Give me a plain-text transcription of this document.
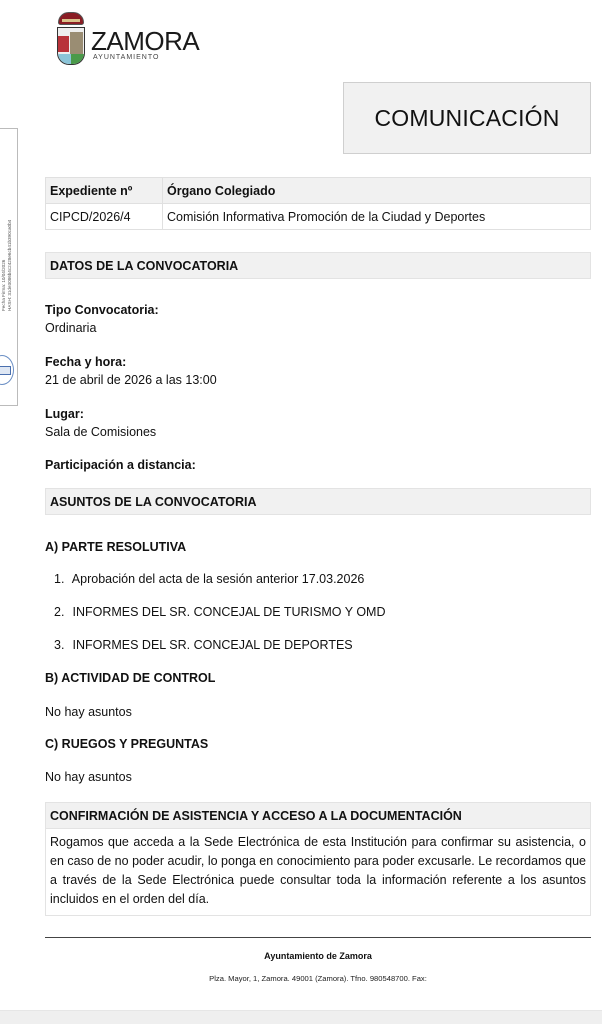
ZAMORA
AYUNTAMIENTO
Fecha Firma: 10/04/2026 HASH: 31de3086b4c2428e6cb41b390ca0b4
COMUNICACIÓN
Expediente nº	Órgano Colegiado
CIPCD/2026/4	Comisión Informativa Promoción de la Ciudad y Deportes
DATOS DE LA CONVOCATORIA
Tipo Convocatoria:
Ordinaria
Fecha y hora:
21 de abril de 2026 a las 13:00
Lugar:
Sala de Comisiones
Participación a distancia:
ASUNTOS DE LA CONVOCATORIA
A) PARTE RESOLUTIVA
1. Aprobación del acta de la sesión anterior 17.03.2026
2. INFORMES DEL SR. CONCEJAL DE TURISMO Y OMD
3. INFORMES DEL SR. CONCEJAL DE DEPORTES
B) ACTIVIDAD DE CONTROL
No hay asuntos
C) RUEGOS Y PREGUNTAS
No hay asuntos
CONFIRMACIÓN DE ASISTENCIA Y ACCESO A LA DOCUMENTACIÓN
Rogamos que acceda a la Sede Electrónica de esta Institución para confirmar su asistencia, o en caso de no poder acudir, lo ponga en conocimiento para poder excusarle. Le recordamos que a través de la Sede Electrónica puede consultar toda la información referente a los asuntos incluidos en el orden del día.
Ayuntamiento de Zamora
Plza. Mayor, 1, Zamora. 49001 (Zamora). Tfno. 980548700. Fax:
